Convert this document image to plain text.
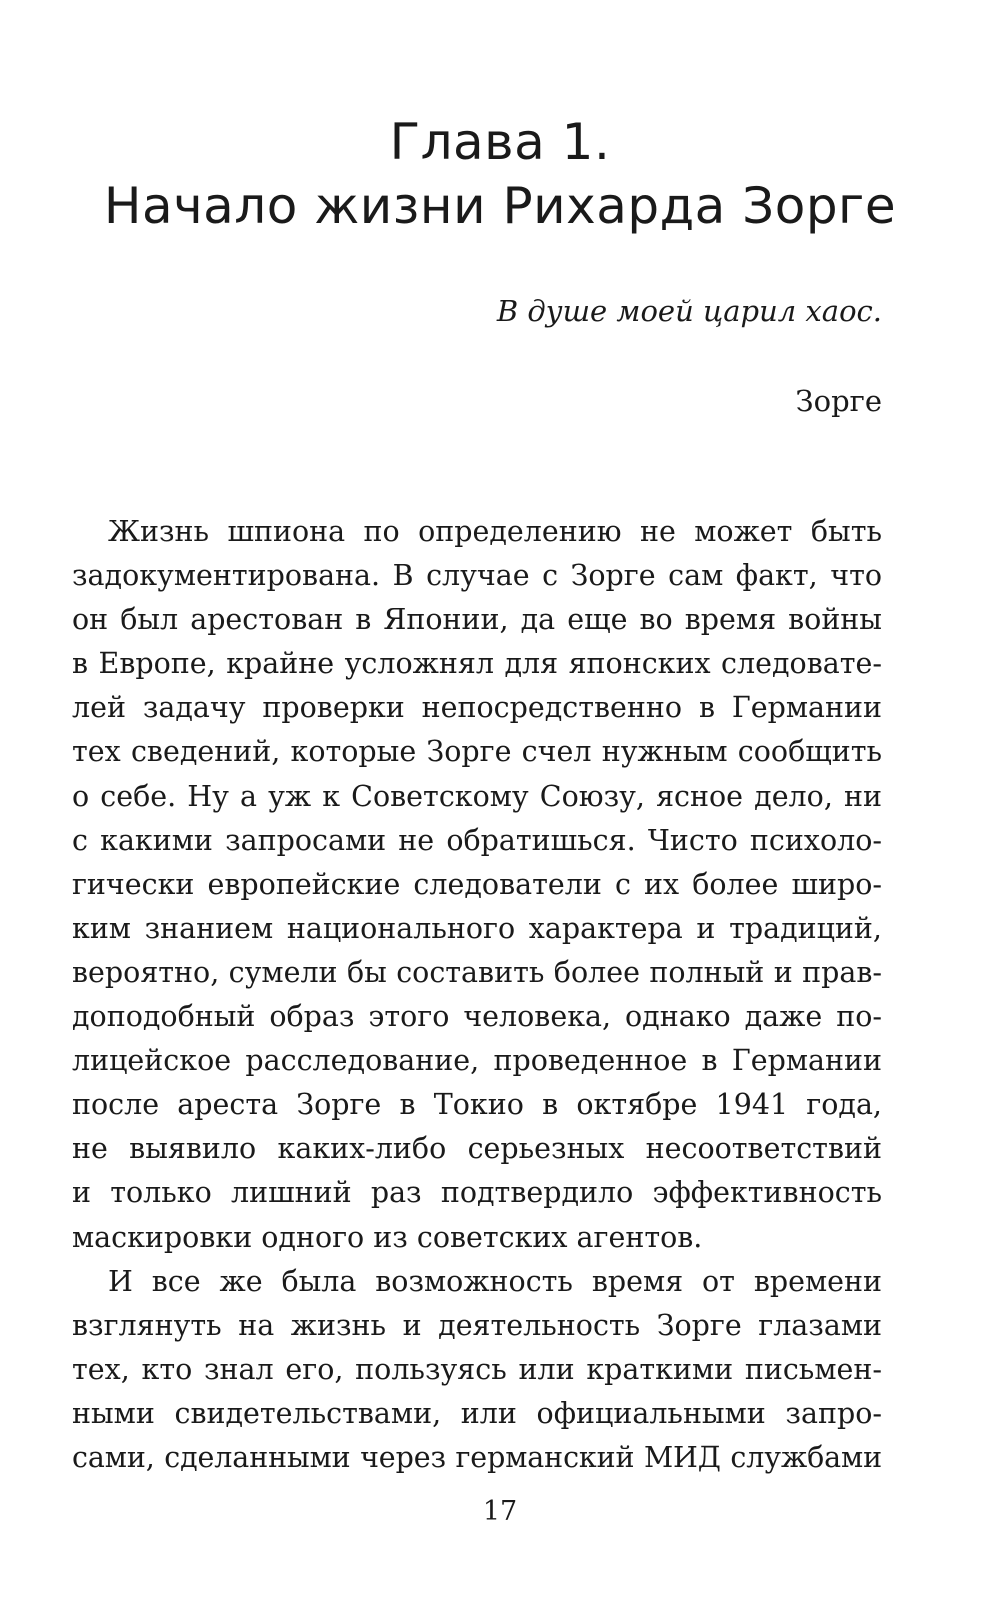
Глава 1.
Начало жизни Рихарда Зорге

В душе моей царил хаос.

Зорге

Жизнь шпиона по определению не может быть
задокументирована. В случае с Зорге сам факт, что
он был арестован в Японии, да еще во время войны
в Европе, крайне усложнял для японских следовате-
лей задачу проверки непосредственно в Германии
тех сведений, которые Зорге счел нужным сообщить
о себе. Ну а уж к Советскому Союзу, ясное дело, ни
с какими запросами не обратишься. Чисто психоло-
гически европейские следователи с их более широ-
ким знанием национального характера и традиций,
вероятно, сумели бы составить более полный и прав-
доподобный образ этого человека, однако даже по-
лицейское расследование, проведенное в Германии
после ареста Зорге в Токио в октябре 1941 года,
не выявило каких-либо серьезных несоответствий
и только лишний раз подтвердило эффективность
маскировки одного из советских агентов.
И все же была возможность время от времени
взглянуть на жизнь и деятельность Зорге глазами
тех, кто знал его, пользуясь или краткими письмен-
ными свидетельствами, или официальными запро-
сами, сделанными через германский МИД службами

17
